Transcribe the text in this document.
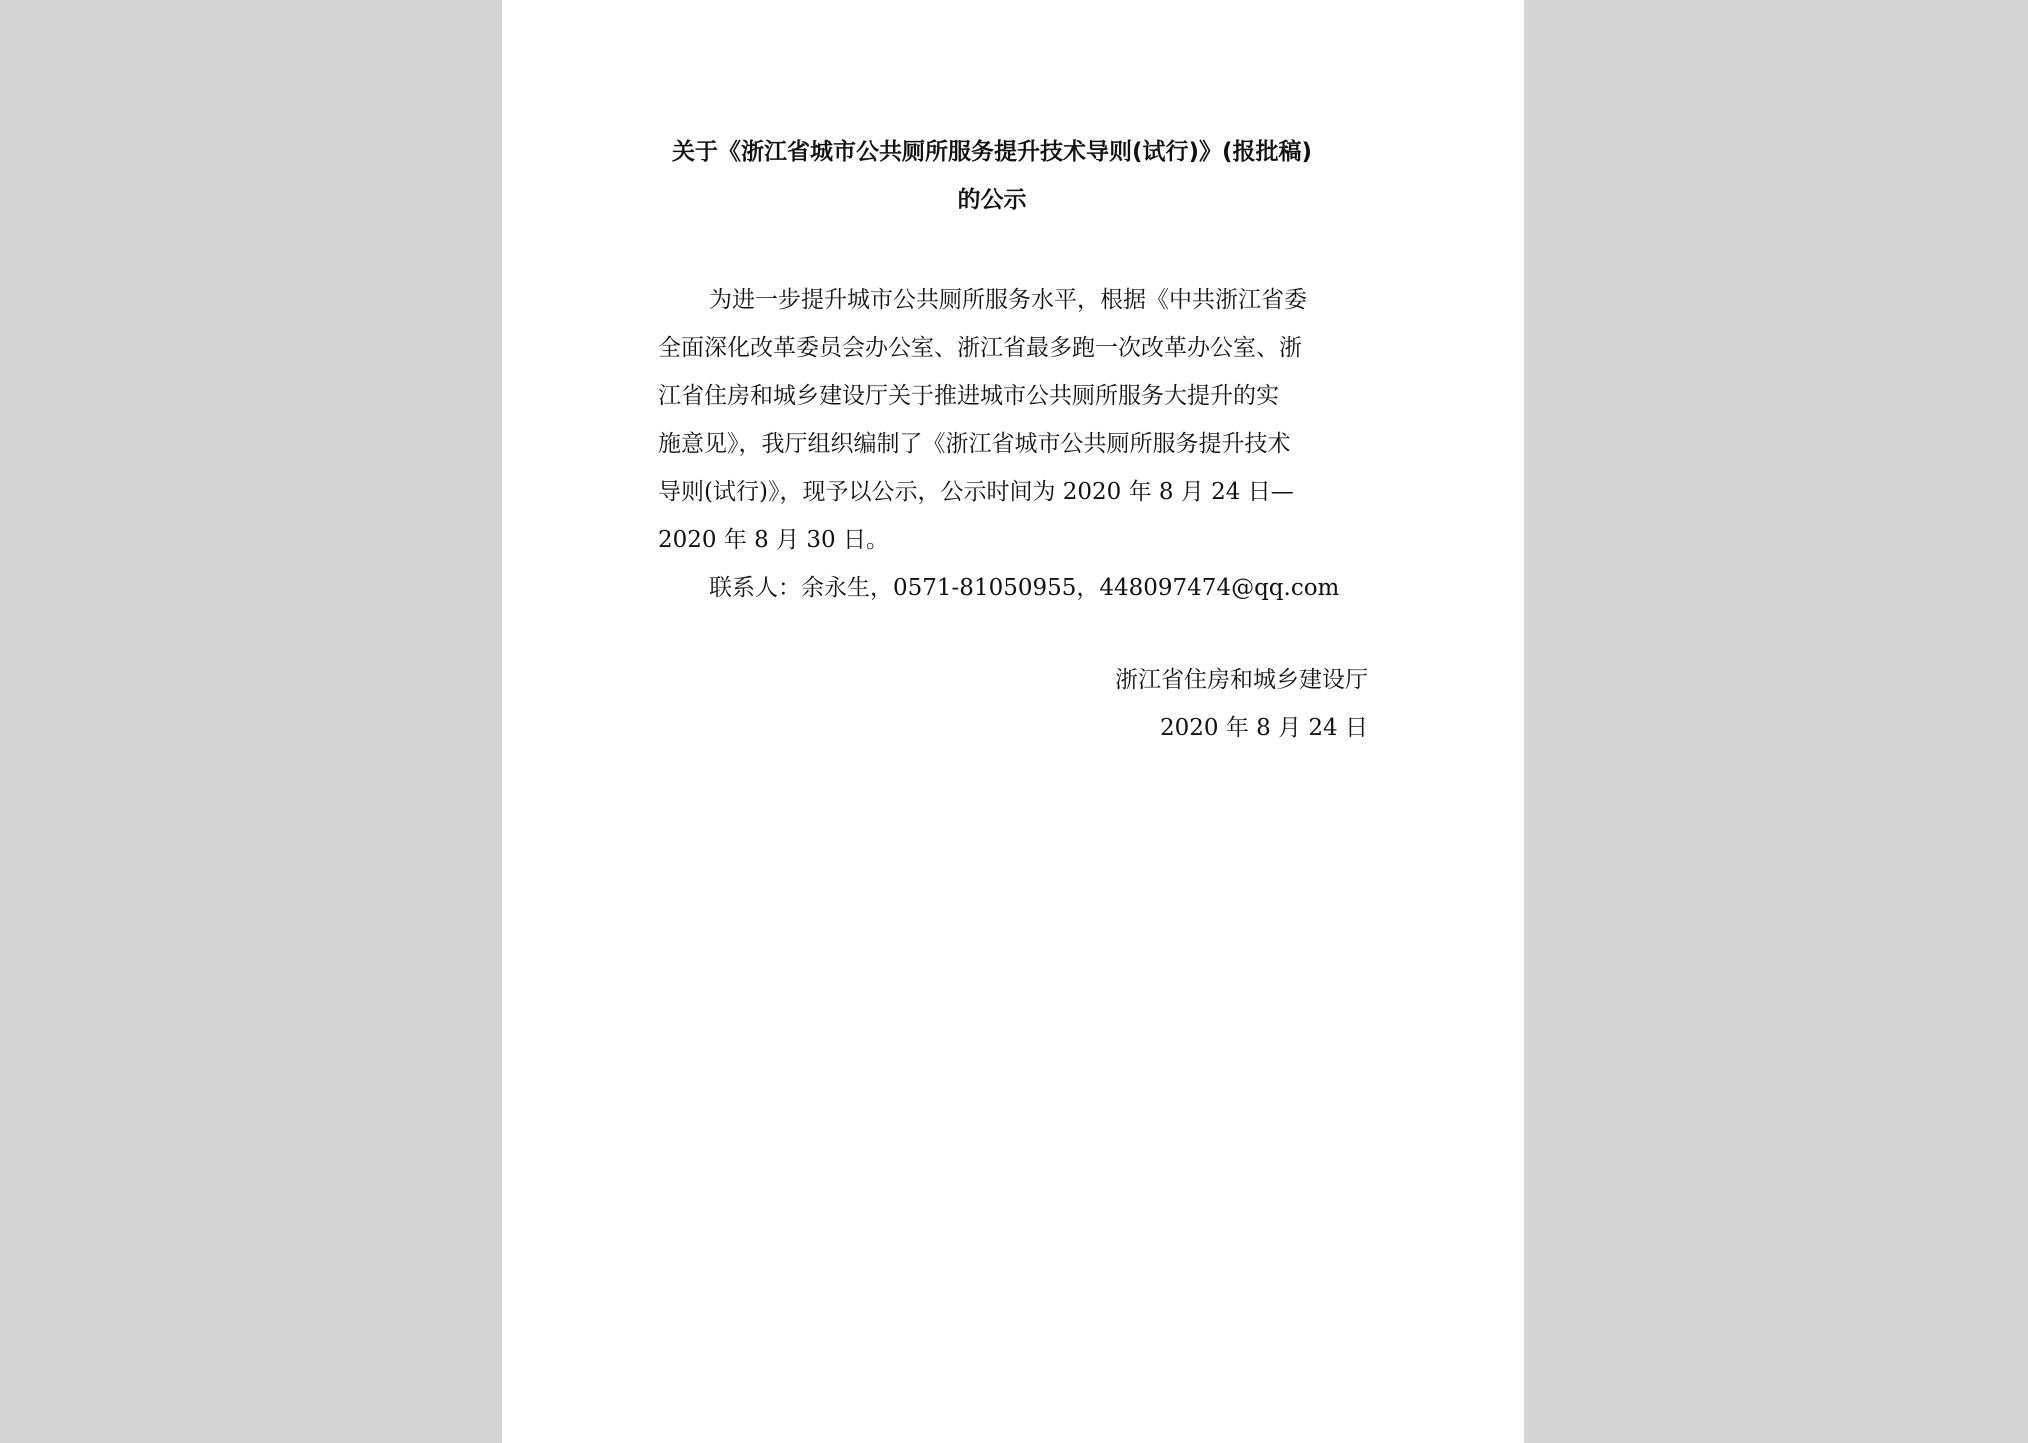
关于《浙江省城市公共厕所服务提升技术导则(试行)》(报批稿)
的公示
为进一步提升城市公共厕所服务水平，根据《中共浙江省委
全面深化改革委员会办公室、浙江省最多跑一次改革办公室、浙
江省住房和城乡建设厅关于推进城市公共厕所服务大提升的实
施意见》，我厅组织编制了《浙江省城市公共厕所服务提升技术
导则(试行)》，现予以公示，公示时间为 2020 年 8 月 24 日—
2020 年 8 月 30 日。
联系人：余永生，0571-81050955，448097474@qq.com
浙江省住房和城乡建设厅
2020 年 8 月 24 日
